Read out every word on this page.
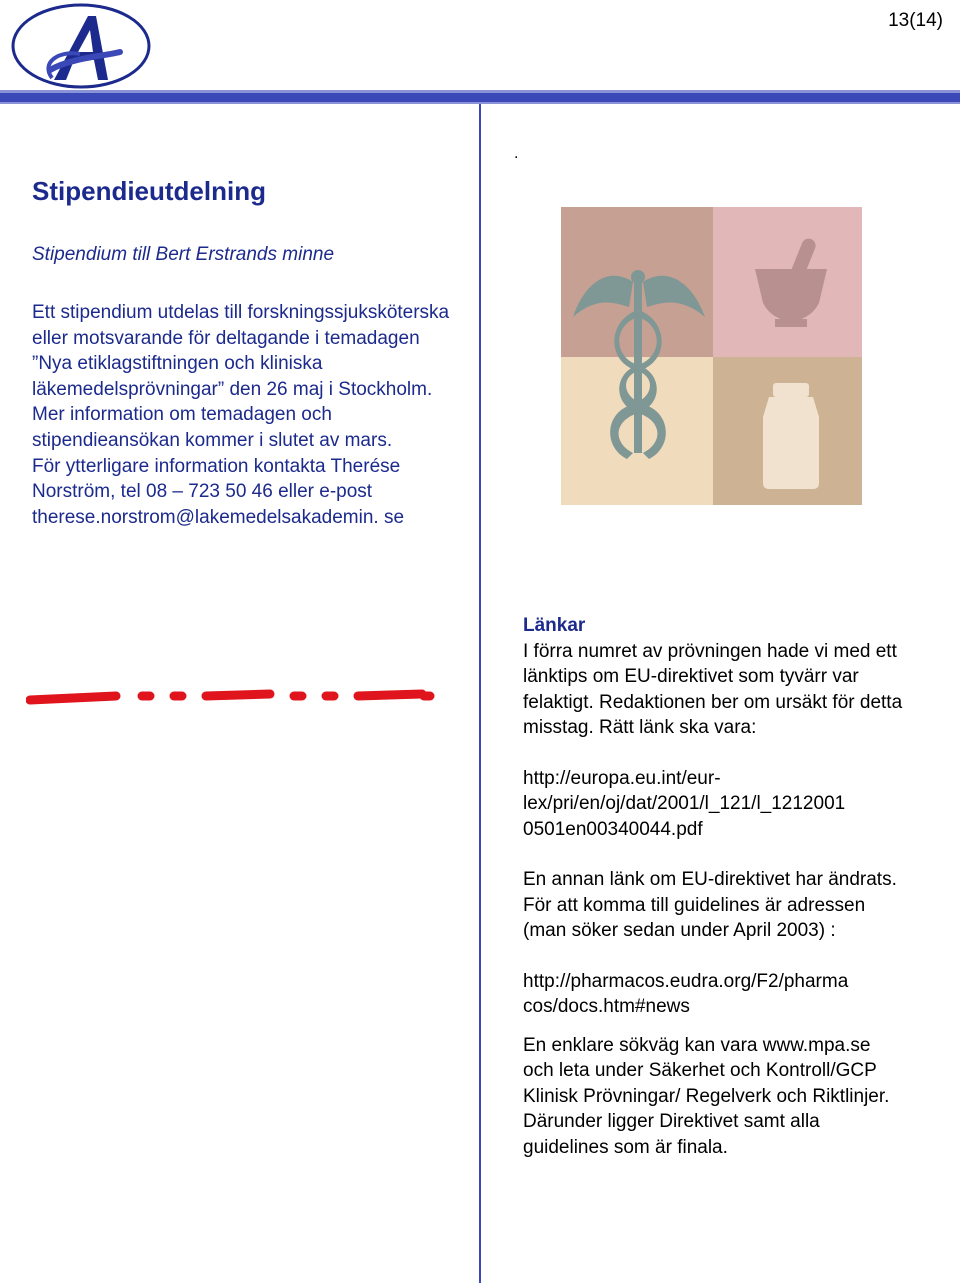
13(14)
.
Stipendieutdelning
Stipendium till Bert Erstrands minne

Ett stipendium utdelas till forskningssjuksköterska eller motsvarande för deltagande i temadagen ”Nya etiklagstiftningen och kliniska läkemedelsprövningar” den 26 maj i Stockholm.

Mer information om temadagen och stipendieansökan kommer i slutet av mars.

För ytterligare information kontakta Therése Norström, tel 08 – 723 50 46 eller e-post therese.norstrom@lakemedelsakademin. se

Länkar

I förra numret av prövningen hade vi med ett länktips om EU-direktivet som tyvärr var felaktigt. Redaktionen ber om ursäkt för detta misstag. Rätt länk ska vara:

http://europa.eu.int/eur-
lex/pri/en/oj/dat/2001/l_121/l_1212001
0501en00340044.pdf

En annan länk om EU-direktivet har ändrats. För att komma till guidelines är adressen (man söker sedan under April 2003) :

http://pharmacos.eudra.org/F2/pharma
cos/docs.htm#news

En enklare sökväg kan vara www.mpa.se och leta under Säkerhet och Kontroll/GCP Klinisk Prövningar/ Regelverk och Riktlinjer. Därunder ligger Direktivet samt alla guidelines som är finala.
